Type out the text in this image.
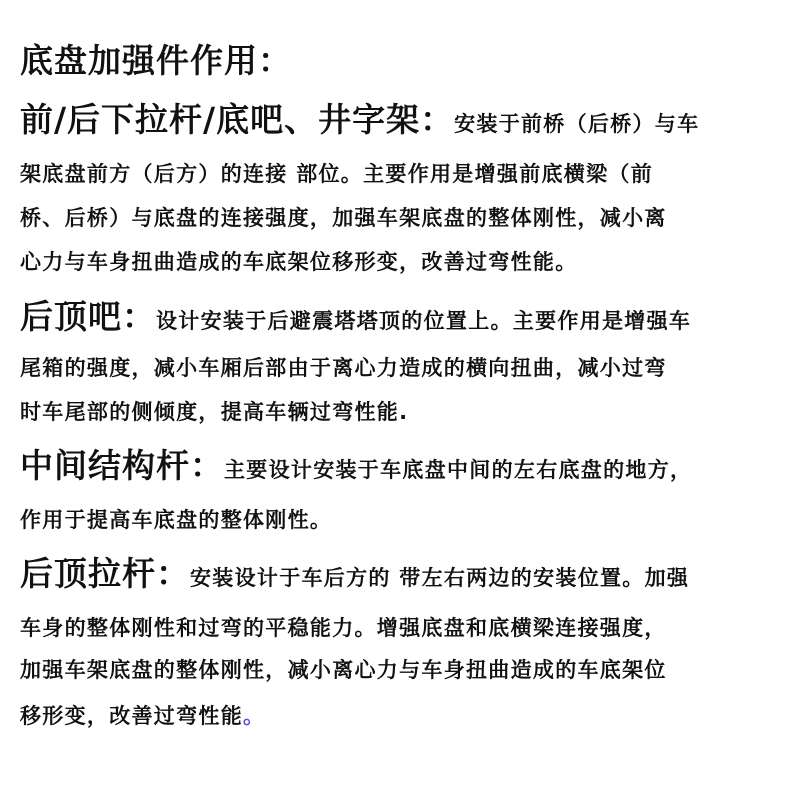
底盘加强件作用：
前/后下拉杆/底吧、井字架：安装于前桥（后桥）与车
架底盘前方（后方）的连接 部位。主要作用是增强前底横梁（前
桥、后桥）与底盘的连接强度，加强车架底盘的整体刚性，减小离
心力与车身扭曲造成的车底架位移形变，改善过弯性能。
后顶吧：设计安装于后避震塔塔顶的位置上。主要作用是增强车
尾箱的强度，减小车厢后部由于离心力造成的横向扭曲，减小过弯
时车尾部的侧倾度，提高车辆过弯性能.
中间结构杆：主要设计安装于车底盘中间的左右底盘的地方，
作用于提高车底盘的整体刚性。
后顶拉杆：安装设计于车后方的 带左右两边的安装位置。加强
车身的整体刚性和过弯的平稳能力。增强底盘和底横梁连接强度，
加强车架底盘的整体刚性，减小离心力与车身扭曲造成的车底架位
移形变，改善过弯性能。
